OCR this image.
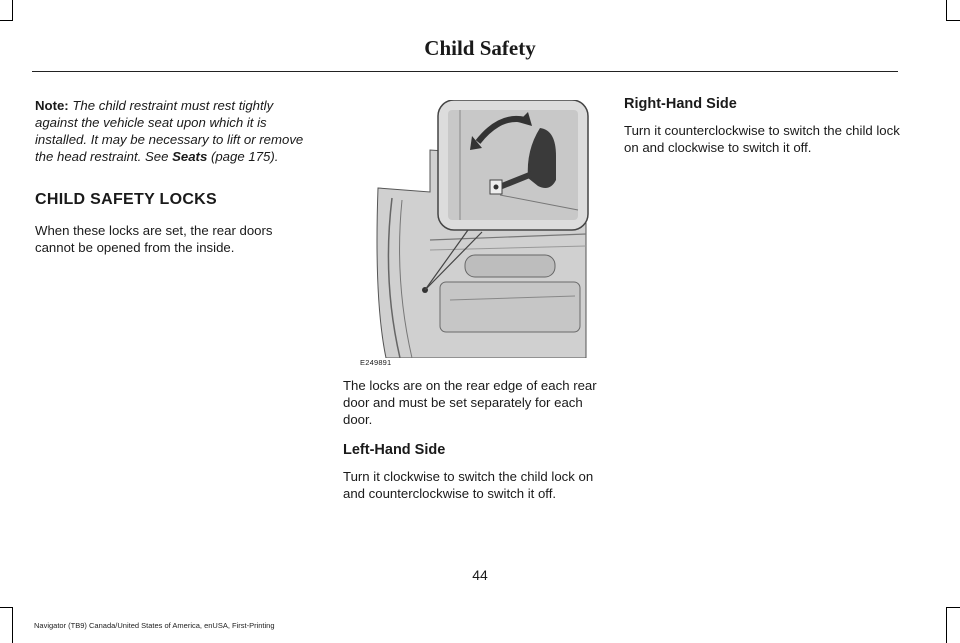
Child Safety

Note: The child restraint must rest tightly against the vehicle seat upon which it is installed. It may be necessary to lift or remove the head restraint. See Seats (page 175).

CHILD SAFETY LOCKS

When these locks are set, the rear doors cannot be opened from the inside.

E249891

The locks are on the rear edge of each rear door and must be set separately for each door.

Left-Hand Side

Turn it clockwise to switch the child lock on and counterclockwise to switch it off.

Right-Hand Side

Turn it counterclockwise to switch the child lock on and clockwise to switch it off.

44
Navigator (TB9) Canada/United States of America, enUSA, First-Printing
